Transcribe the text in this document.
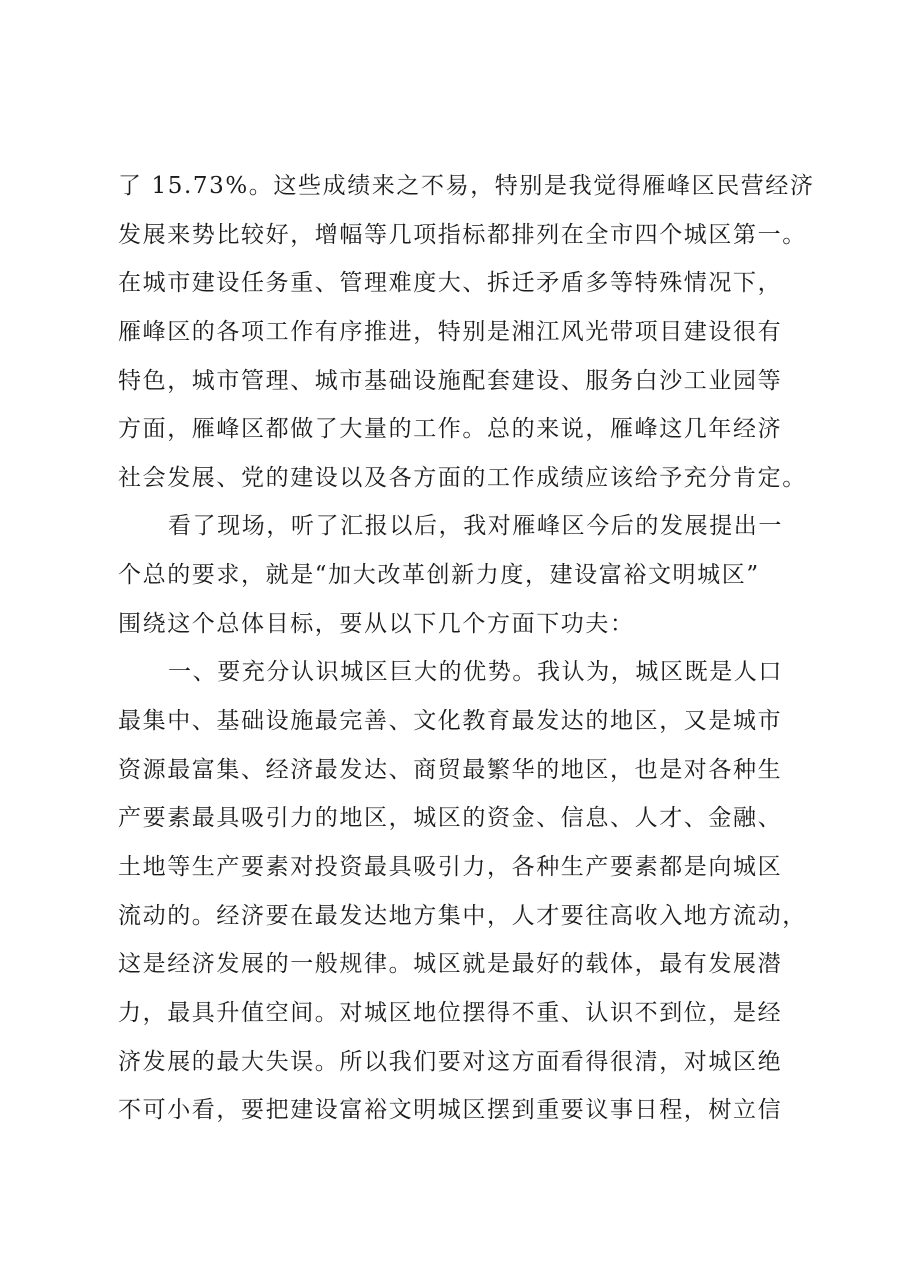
了 15.73%。这些成绩来之不易，特别是我觉得雁峰区民营经济
发展来势比较好，增幅等几项指标都排列在全市四个城区第一。
在城市建设任务重、管理难度大、拆迁矛盾多等特殊情况下，
雁峰区的各项工作有序推进，特别是湘江风光带项目建设很有
特色，城市管理、城市基础设施配套建设、服务白沙工业园等
方面，雁峰区都做了大量的工作。总的来说，雁峰这几年经济
社会发展、党的建设以及各方面的工作成绩应该给予充分肯定。
看了现场，听了汇报以后，我对雁峰区今后的发展提出一
个总的要求，就是“加大改革创新力度，建设富裕文明城区”
围绕这个总体目标，要从以下几个方面下功夫：
一、要充分认识城区巨大的优势。我认为，城区既是人口
最集中、基础设施最完善、文化教育最发达的地区，又是城市
资源最富集、经济最发达、商贸最繁华的地区，也是对各种生
产要素最具吸引力的地区，城区的资金、信息、人才、金融、
土地等生产要素对投资最具吸引力，各种生产要素都是向城区
流动的。经济要在最发达地方集中，人才要往高收入地方流动，
这是经济发展的一般规律。城区就是最好的载体，最有发展潜
力，最具升值空间。对城区地位摆得不重、认识不到位，是经
济发展的最大失误。所以我们要对这方面看得很清，对城区绝
不可小看，要把建设富裕文明城区摆到重要议事日程，树立信
